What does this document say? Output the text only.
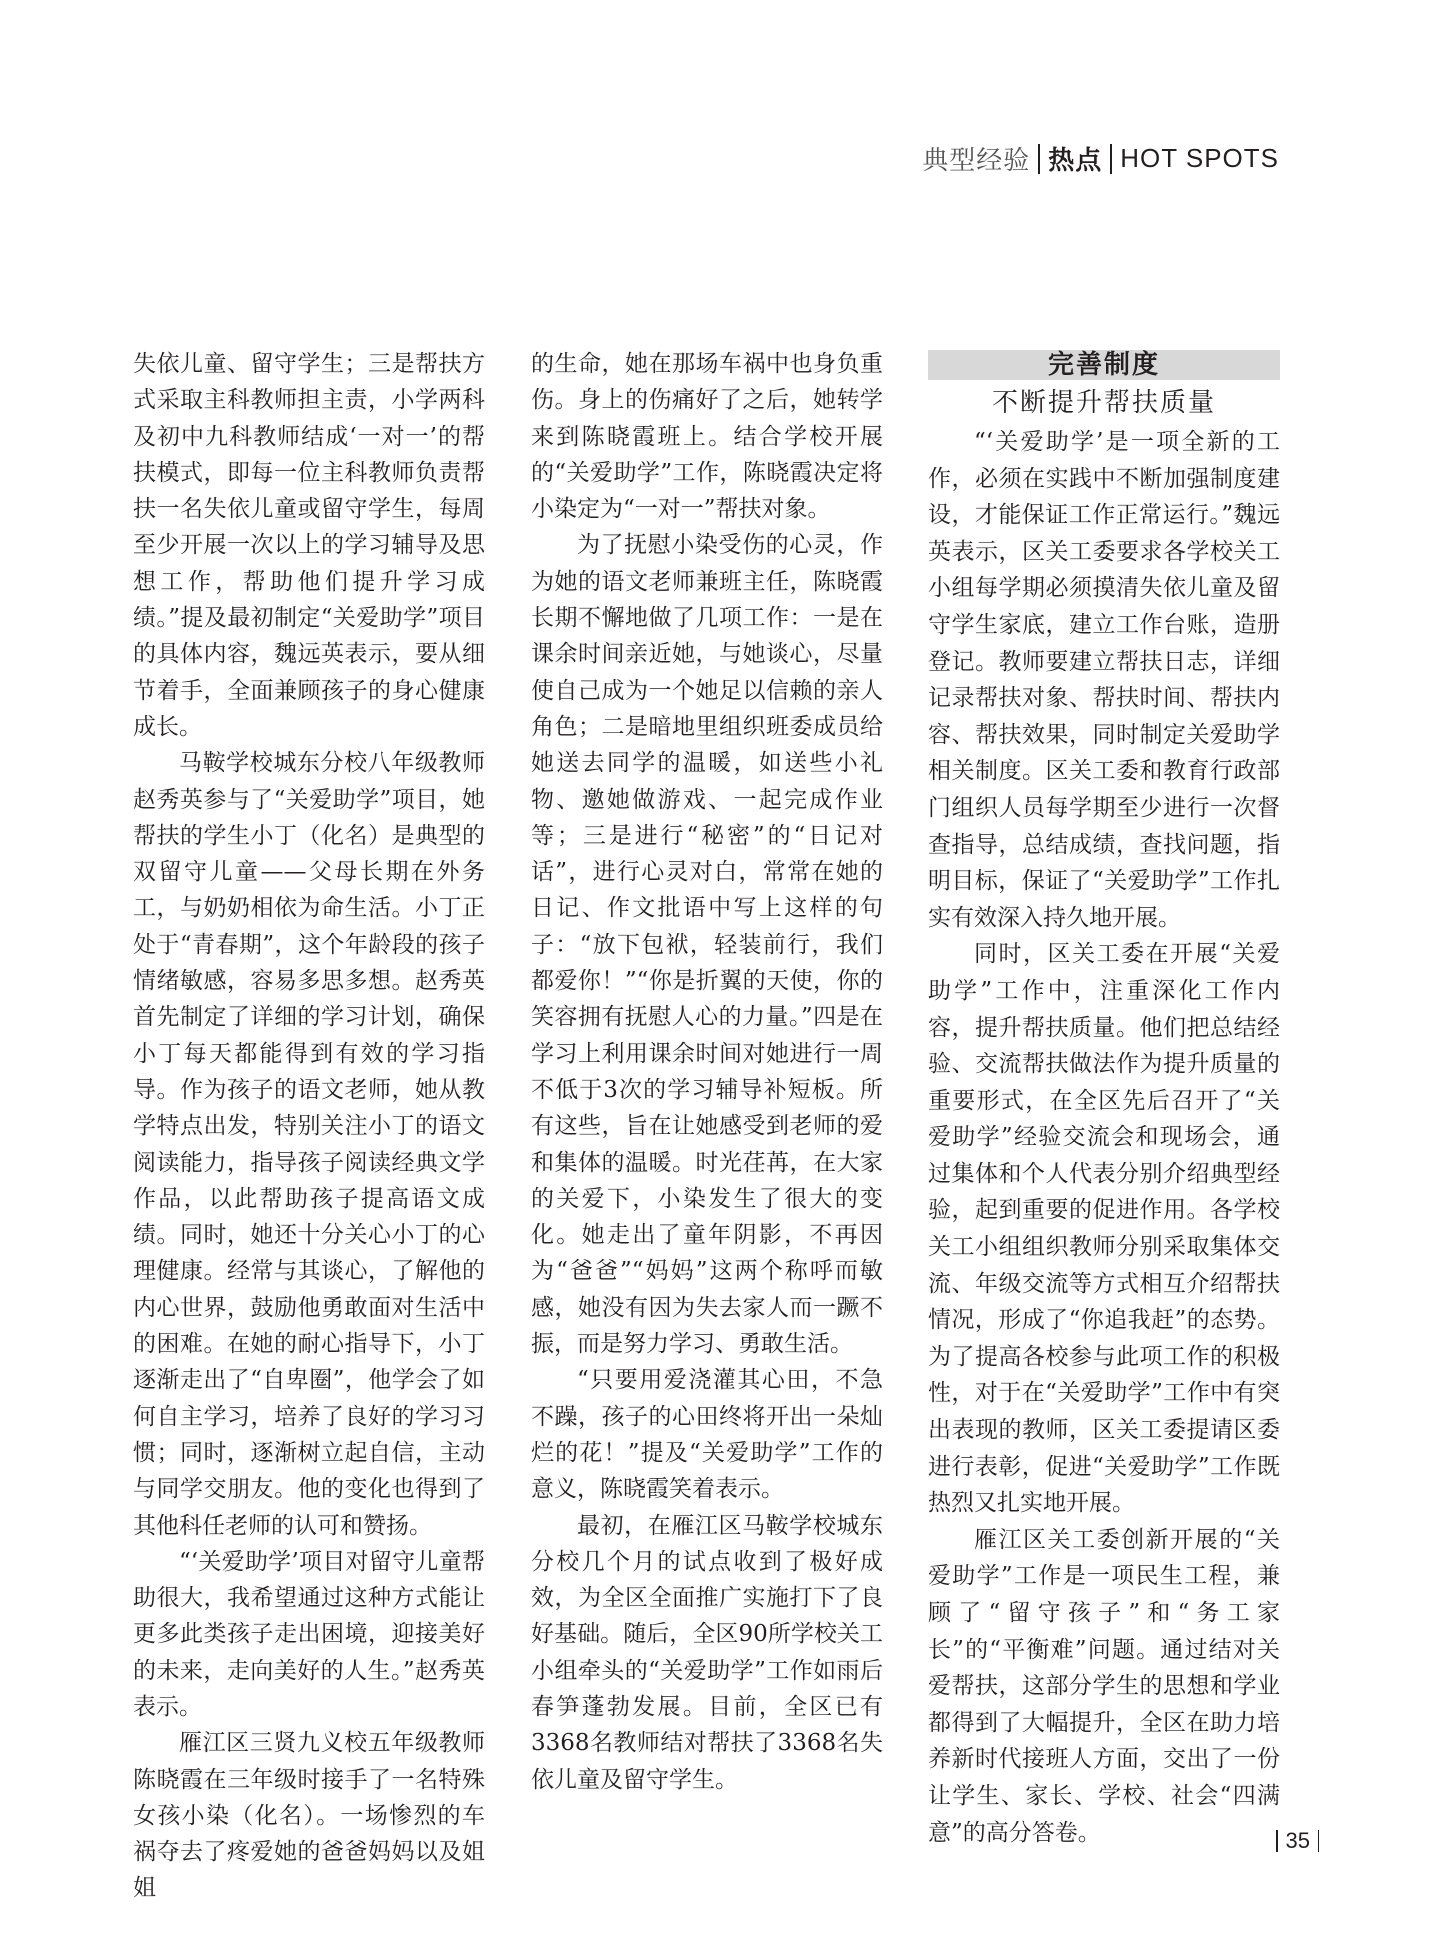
典型经验 热点 HOT SPOTS

失依儿童、留守学生；三是帮扶方式采取主科教师担主责，小学两科及初中九科教师结成‘一对一’的帮扶模式，即每一位主科教师负责帮扶一名失依儿童或留守学生，每周至少开展一次以上的学习辅导及思想工作，帮助他们提升学习成绩。”提及最初制定“关爱助学”项目的具体内容，魏远英表示，要从细节着手，全面兼顾孩子的身心健康成长。

马鞍学校城东分校八年级教师赵秀英参与了“关爱助学”项目，她帮扶的学生小丁（化名）是典型的双留守儿童——父母长期在外务工，与奶奶相依为命生活。小丁正处于“青春期”，这个年龄段的孩子情绪敏感，容易多思多想。赵秀英首先制定了详细的学习计划，确保小丁每天都能得到有效的学习指导。作为孩子的语文老师，她从教学特点出发，特别关注小丁的语文阅读能力，指导孩子阅读经典文学作品，以此帮助孩子提高语文成绩。同时，她还十分关心小丁的心理健康。经常与其谈心，了解他的内心世界，鼓励他勇敢面对生活中的困难。在她的耐心指导下，小丁逐渐走出了“自卑圈”，他学会了如何自主学习，培养了良好的学习习惯；同时，逐渐树立起自信，主动与同学交朋友。他的变化也得到了其他科任老师的认可和赞扬。

“‘关爱助学’项目对留守儿童帮助很大，我希望通过这种方式能让更多此类孩子走出困境，迎接美好的未来，走向美好的人生。”赵秀英表示。

雁江区三贤九义校五年级教师陈晓霞在三年级时接手了一名特殊女孩小染（化名）。一场惨烈的车祸夺去了疼爱她的爸爸妈妈以及姐姐

的生命，她在那场车祸中也身负重伤。身上的伤痛好了之后，她转学来到陈晓霞班上。结合学校开展的“关爱助学”工作，陈晓霞决定将小染定为“一对一”帮扶对象。

为了抚慰小染受伤的心灵，作为她的语文老师兼班主任，陈晓霞长期不懈地做了几项工作：一是在课余时间亲近她，与她谈心，尽量使自己成为一个她足以信赖的亲人角色；二是暗地里组织班委成员给她送去同学的温暖，如送些小礼物、邀她做游戏、一起完成作业等；三是进行“秘密”的“日记对话”，进行心灵对白，常常在她的日记、作文批语中写上这样的句子：“放下包袱，轻装前行，我们都爱你！”“你是折翼的天使，你的笑容拥有抚慰人心的力量。”四是在学习上利用课余时间对她进行一周不低于3次的学习辅导补短板。所有这些，旨在让她感受到老师的爱和集体的温暖。时光荏苒，在大家的关爱下，小染发生了很大的变化。她走出了童年阴影，不再因为“爸爸”“妈妈”这两个称呼而敏感，她没有因为失去家人而一蹶不振，而是努力学习、勇敢生活。

“只要用爱浇灌其心田，不急不躁，孩子的心田终将开出一朵灿烂的花！”提及“关爱助学”工作的意义，陈晓霞笑着表示。

最初，在雁江区马鞍学校城东分校几个月的试点收到了极好成效，为全区全面推广实施打下了良好基础。随后，全区90所学校关工小组牵头的“关爱助学”工作如雨后春笋蓬勃发展。目前，全区已有3368名教师结对帮扶了3368名失依儿童及留守学生。

完善制度
不断提升帮扶质量

“‘关爱助学’是一项全新的工作，必须在实践中不断加强制度建设，才能保证工作正常运行。”魏远英表示，区关工委要求各学校关工小组每学期必须摸清失依儿童及留守学生家底，建立工作台账，造册登记。教师要建立帮扶日志，详细记录帮扶对象、帮扶时间、帮扶内容、帮扶效果，同时制定关爱助学相关制度。区关工委和教育行政部门组织人员每学期至少进行一次督查指导，总结成绩，查找问题，指明目标，保证了“关爱助学”工作扎实有效深入持久地开展。

同时，区关工委在开展“关爱助学”工作中，注重深化工作内容，提升帮扶质量。他们把总结经验、交流帮扶做法作为提升质量的重要形式，在全区先后召开了“关爱助学”经验交流会和现场会，通过集体和个人代表分别介绍典型经验，起到重要的促进作用。各学校关工小组组织教师分别采取集体交流、年级交流等方式相互介绍帮扶情况，形成了“你追我赶”的态势。为了提高各校参与此项工作的积极性，对于在“关爱助学”工作中有突出表现的教师，区关工委提请区委进行表彰，促进“关爱助学”工作既热烈又扎实地开展。

雁江区关工委创新开展的“关爱助学”工作是一项民生工程，兼顾了“留守孩子”和“务工家长”的“平衡难”问题。通过结对关爱帮扶，这部分学生的思想和学业都得到了大幅提升，全区在助力培养新时代接班人方面，交出了一份让学生、家长、学校、社会“四满意”的高分答卷。	35
